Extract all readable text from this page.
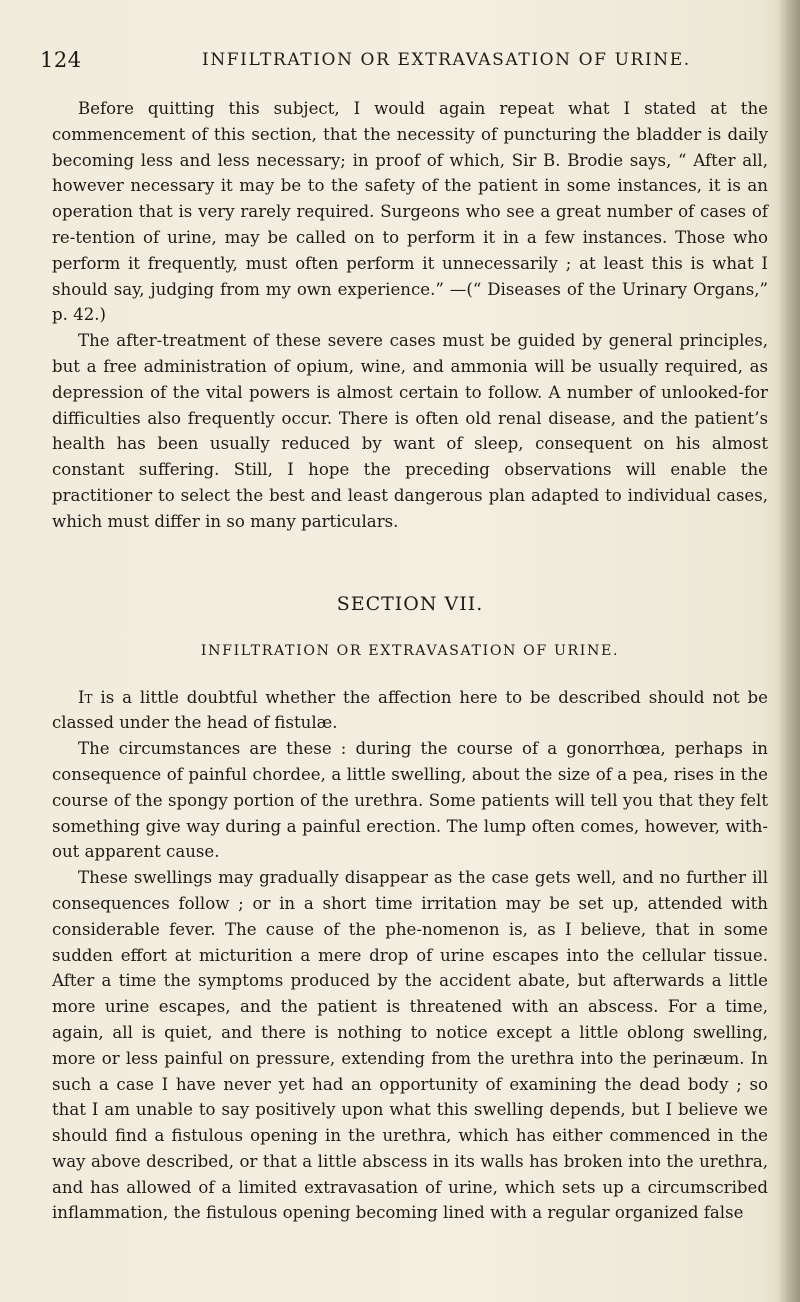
124	INFILTRATION OR EXTRAVASATION OF URINE.

Before quitting this subject, I would again repeat what I stated at the commencement of this section, that the necessity of puncturing the bladder is daily becoming less and less necessary; in proof of which, Sir B. Brodie says, “ After all, however necessary it may be to the safety of the patient in some instances, it is an operation that is very rarely required. Surgeons who see a great number of cases of re-tention of urine, may be called on to perform it in a few instances. Those who perform it frequently, must often perform it unnecessarily ; at least this is what I should say, judging from my own experience.” —(“ Diseases of the Urinary Organs,” p. 42.)

The after-treatment of these severe cases must be guided by general principles, but a free administration of opium, wine, and ammonia will be usually required, as depression of the vital powers is almost certain to follow. A number of unlooked-for difficulties also frequently occur. There is often old renal disease, and the patient’s health has been usually reduced by want of sleep, consequent on his almost constant suffering. Still, I hope the preceding observations will enable the practitioner to select the best and least dangerous plan adapted to individual cases, which must differ in so many particulars.

SECTION VII.
INFILTRATION OR EXTRAVASATION OF URINE.

It is a little doubtful whether the affection here to be described should not be classed under the head of fistulæ.

The circumstances are these : during the course of a gonorrhœa, perhaps in consequence of painful chordee, a little swelling, about the size of a pea, rises in the course of the spongy portion of the urethra. Some patients will tell you that they felt something give way during a painful erection. The lump often comes, however, with-out apparent cause.

These swellings may gradually disappear as the case gets well, and no further ill consequences follow ; or in a short time irritation may be set up, attended with considerable fever. The cause of the phe-nomenon is, as I believe, that in some sudden effort at micturition a mere drop of urine escapes into the cellular tissue. After a time the symptoms produced by the accident abate, but afterwards a little more urine escapes, and the patient is threatened with an abscess. For a time, again, all is quiet, and there is nothing to notice except a little oblong swelling, more or less painful on pressure, extending from the urethra into the perinæum. In such a case I have never yet had an opportunity of examining the dead body ; so that I am unable to say positively upon what this swelling depends, but I believe we should find a fistulous opening in the urethra, which has either commenced in the way above described, or that a little abscess in its walls has broken into the urethra, and has allowed of a limited extravasation of urine, which sets up a circumscribed inflammation, the fistulous opening becoming lined with a regular organized false
